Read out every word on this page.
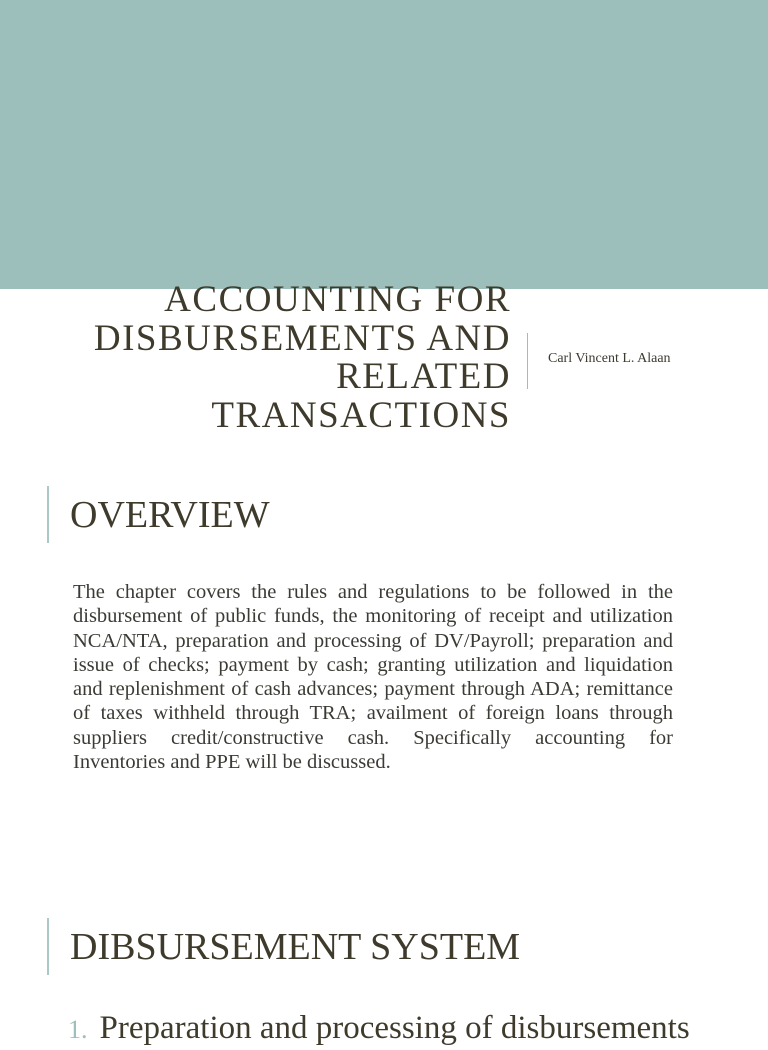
ACCOUNTING FOR DISBURSEMENTS AND RELATED TRANSACTIONS
Carl Vincent L. Alaan
OVERVIEW

The chapter covers the rules and regulations to be followed in the disbursement of public funds, the monitoring of receipt and utilization NCA/NTA, preparation and processing of DV/Payroll; preparation and issue of checks; payment by cash; granting utilization and liquidation and replenishment of cash advances; payment through ADA; remittance of taxes withheld through TRA; availment of foreign loans through suppliers credit/constructive cash. Specifically accounting for Inventories and PPE will be discussed.

DIBSURSEMENT SYSTEM
1. Preparation and processing of disbursements
